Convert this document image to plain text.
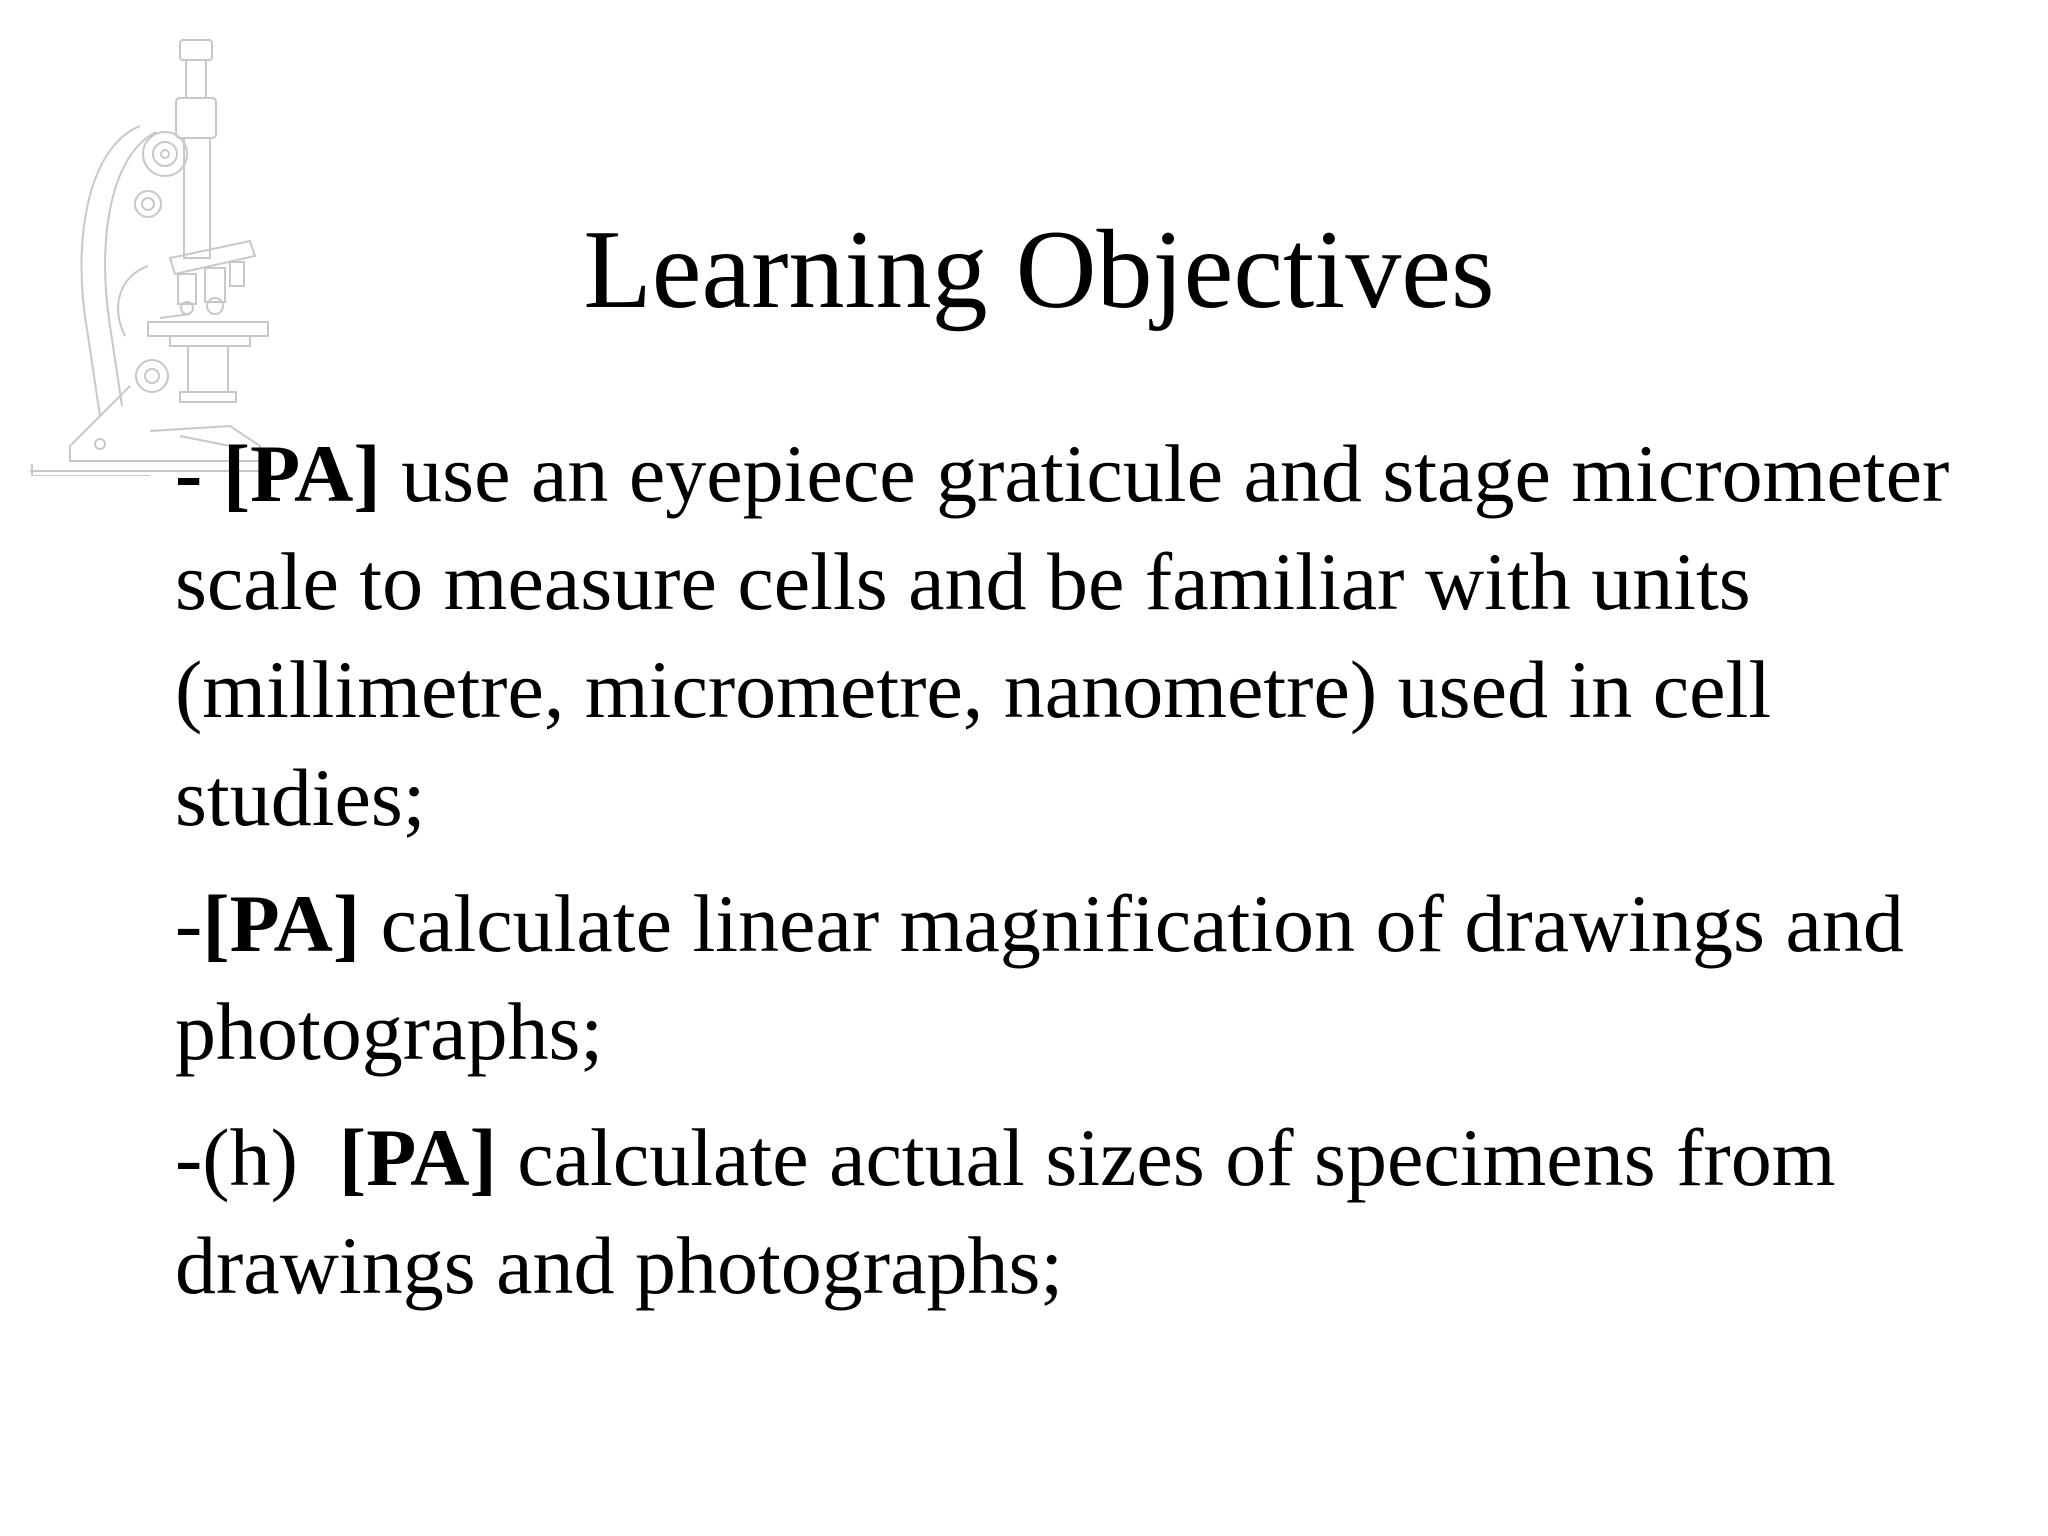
Learning Objectives
- [PA] use an eyepiece graticule and stage micrometer scale to measure cells and be familiar with units (millimetre, micrometre, nanometre) used in cell studies;
-[PA] calculate linear magnification of drawings and photographs;
-(h)  [PA] calculate actual sizes of specimens from drawings and photographs;
